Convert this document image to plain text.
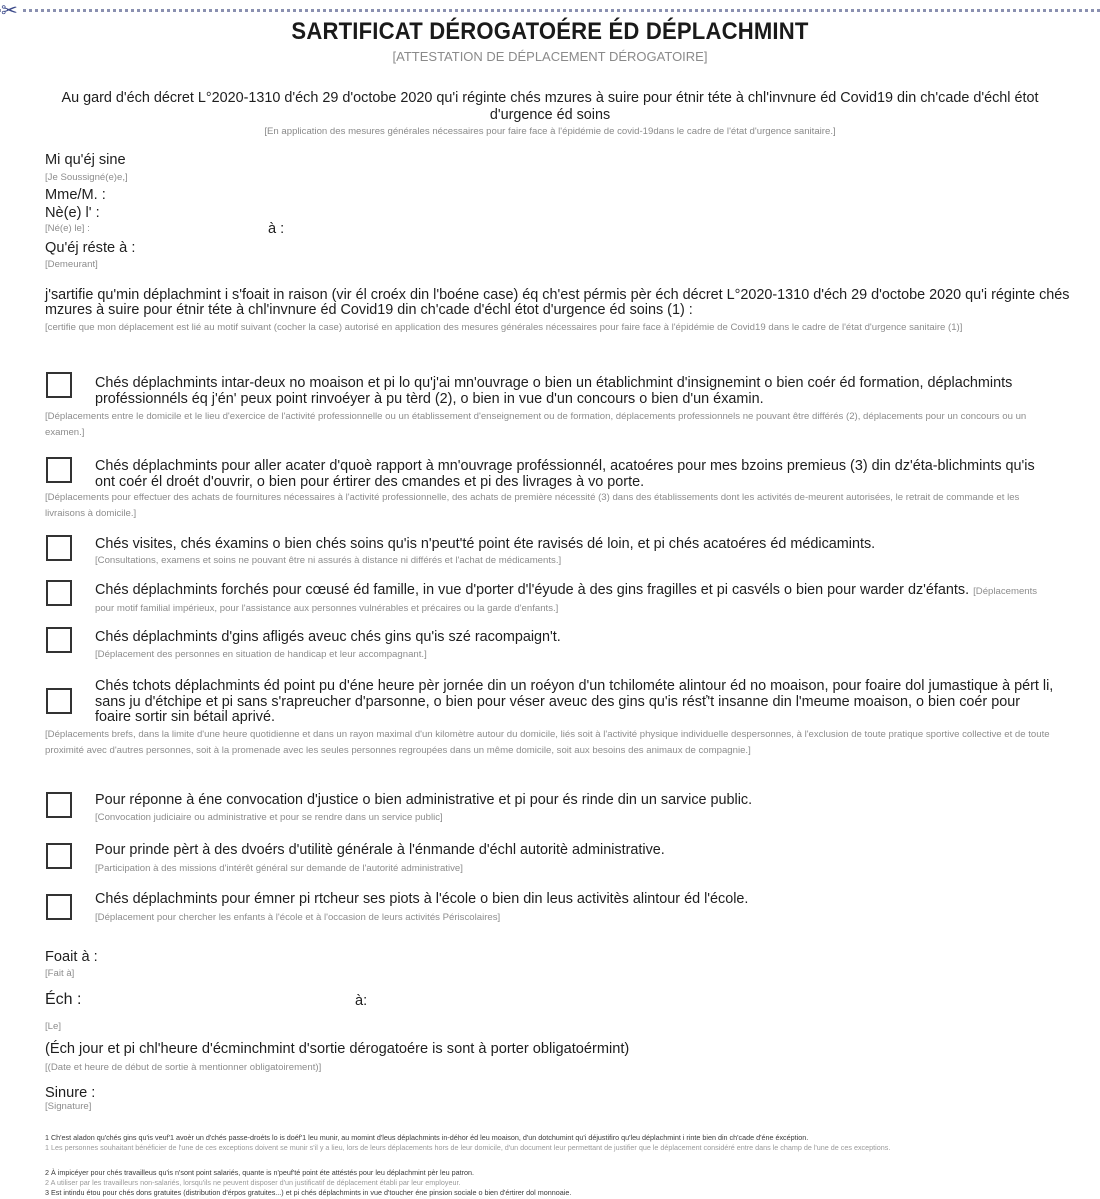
✂
SARTIFICAT DÉROGATOÉRE ÉD DÉPLACHMINT
[ATTESTATION DE DÉPLACEMENT DÉROGATOIRE]
Au gard d'éch décret L°2020-1310 d'éch 29 d'octobe 2020 qu'i réginte chés mzures à suire pour étnir téte à chl'invnure éd Covid19 din ch'cade d'échl étot d'urgence éd soins
[En application des mesures générales nécessaires pour faire face à l'épidémie de covid-19dans le cadre de l'état d'urgence sanitaire.]
Mi qu'éj sine
[Je Soussigné(e)e,]
Mme/M. :
Nè(e) l' :
[Né(e) le] :	à :
Qu'éj réste à :
[Demeurant]
j'sartifie qu'min déplachmint i s'foait in raison (vir él croéx din l'boéne case) éq ch'est pérmis pèr éch décret L°2020-1310 d'éch 29 d'octobe 2020 qu'i réginte chés mzures à suire pour étnir téte à chl'invnure éd Covid19 din ch'cade d'échl étot d'urgence éd soins (1) :
[certifie que mon déplacement est lié au motif suivant (cocher la case) autorisé en application des mesures générales nécessaires pour faire face à l'épidémie de Covid19 dans le cadre de l'état d'urgence sanitaire (1)]
Chés déplachmints intar-deux no moaison et pi lo qu'j'ai mn'ouvrage o bien un établichmint d'insignemint o bien coér éd formation, déplachmints proféssionnéls éq j'én' peux point rinvoéyer à pu tèrd (2), o bien in vue d'un concours o bien d'un éxamin.
[Déplacements entre le domicile et le lieu d'exercice de l'activité professionnelle ou un établissement d'enseignement ou de formation, déplacements professionnels ne pouvant être différés (2), déplacements pour un concours ou un examen.]
Chés déplachmints pour aller acater d'quoè rapport à mn'ouvrage proféssionnél, acatoéres pour mes bzoins premieus (3) din dz'éta-blichmints qu'is ont coér él droét d'ouvrir, o bien pour értirer des cmandes et pi des livrages à vo porte.
[Déplacements pour effectuer des achats de fournitures nécessaires à l'activité professionnelle, des achats de première nécessité (3) dans des établissements dont les activités de-meurent autorisées, le retrait de commande et les livraisons à domicile.]
Chés visites, chés éxamins o bien chés soins qu'is n'peut'té point éte ravisés dé loin, et pi chés acatoéres éd médicamints.
[Consultations, examens et soins ne pouvant être ni assurés à distance ni différés et l'achat de médicaments.]
Chés déplachmints forchés pour cœusé éd famille, in vue d'porter d'l'éyude à des gins fragilles et pi casvéls o bien pour warder dz'éfants. [Déplacements pour motif familial impérieux, pour l'assistance aux personnes vulnérables et précaires ou la garde d'enfants.]
Chés déplachmints d'gins afligés aveuc chés gins qu'is szé racompaign't.
[Déplacement des personnes en situation de handicap et leur accompagnant.]
Chés tchots déplachmints éd point pu d'éne heure pèr jornée din un roéyon d'un tchilométe alintour éd no moaison, pour foaire dol jumastique à pért li, sans ju d'étchipe et pi sans s'rapreucher d'parsonne, o bien pour véser aveuc des gins qu'is résť't insanne din l'meume moaison, o bien coér pour foaire sortir sin bétail aprivé.
[Déplacements brefs, dans la limite d'une heure quotidienne et dans un rayon maximal d'un kilomètre autour du domicile, liés soit à l'activité physique individuelle despersonnes, à l'exclusion de toute pratique sportive collective et de toute proximité avec d'autres personnes, soit à la promenade avec les seules personnes regroupées dans un même domicile, soit aux besoins des animaux de compagnie.]
Pour réponne à éne convocation d'justice o bien administrative et pi pour és rinde din un sarvice public.
[Convocation judiciaire ou administrative et pour se rendre dans un service public]
Pour prinde pèrt à des dvoérs d'utilitè générale à l'énmande d'échl autoritè administrative.
[Participation à des missions d'intérêt général sur demande de l'autorité administrative]
Chés déplachmints pour émner pi rtcheur ses piots à l'école o bien din leus activitès alintour éd l'école.
[Déplacement pour chercher les enfants à l'école et à l'occasion de leurs activités Périscolaires]
Foait à :
[Fait à]
Éch :	à:
[Le]
(Éch jour et pi chl'heure d'écminchmint d'sortie dérogatoére is sont à porter obligatoérmint)
[(Date et heure de début de sortie à mentionner obligatoirement)]
Sinure :
[Signature]
1 Ch'est aladon qu'chés gins qu'is veuf'1 avoèr un d'chés passe-droéts lo is doéf'1 leu munir, au momint d'leus déplachmints in-déhor éd leu moaison, d'un dotchumint qu'i déjustifiro qu'leu déplachmint i rinte bien din ch'cade d'éne éxcéption.
1 Les personnes souhaitant bénéficier de l'une de ces exceptions doivent se munir s'il y a lieu, lors de leurs déplacements hors de leur domicile, d'un document leur permettant de justifier que le déplacement considéré entre dans le champ de l'une de ces exceptions.
2 À impicéyer pour chés travailleus qu'is n'sont point salariés, quante is n'peuf'té point éte attéstés pour leu déplachmint pèr leu patron.
2 A utiliser par les travailleurs non-salariés, lorsqu'ils ne peuvent disposer d'un justificatif de déplacement établi par leur employeur.
3 Est intindu étou pour chés dons gratuites (distribution d'érpos gratuites...) et pi chés déplachmints in vue d'toucher éne pinsion sociale o bien d'értirer dol monnoaie.
